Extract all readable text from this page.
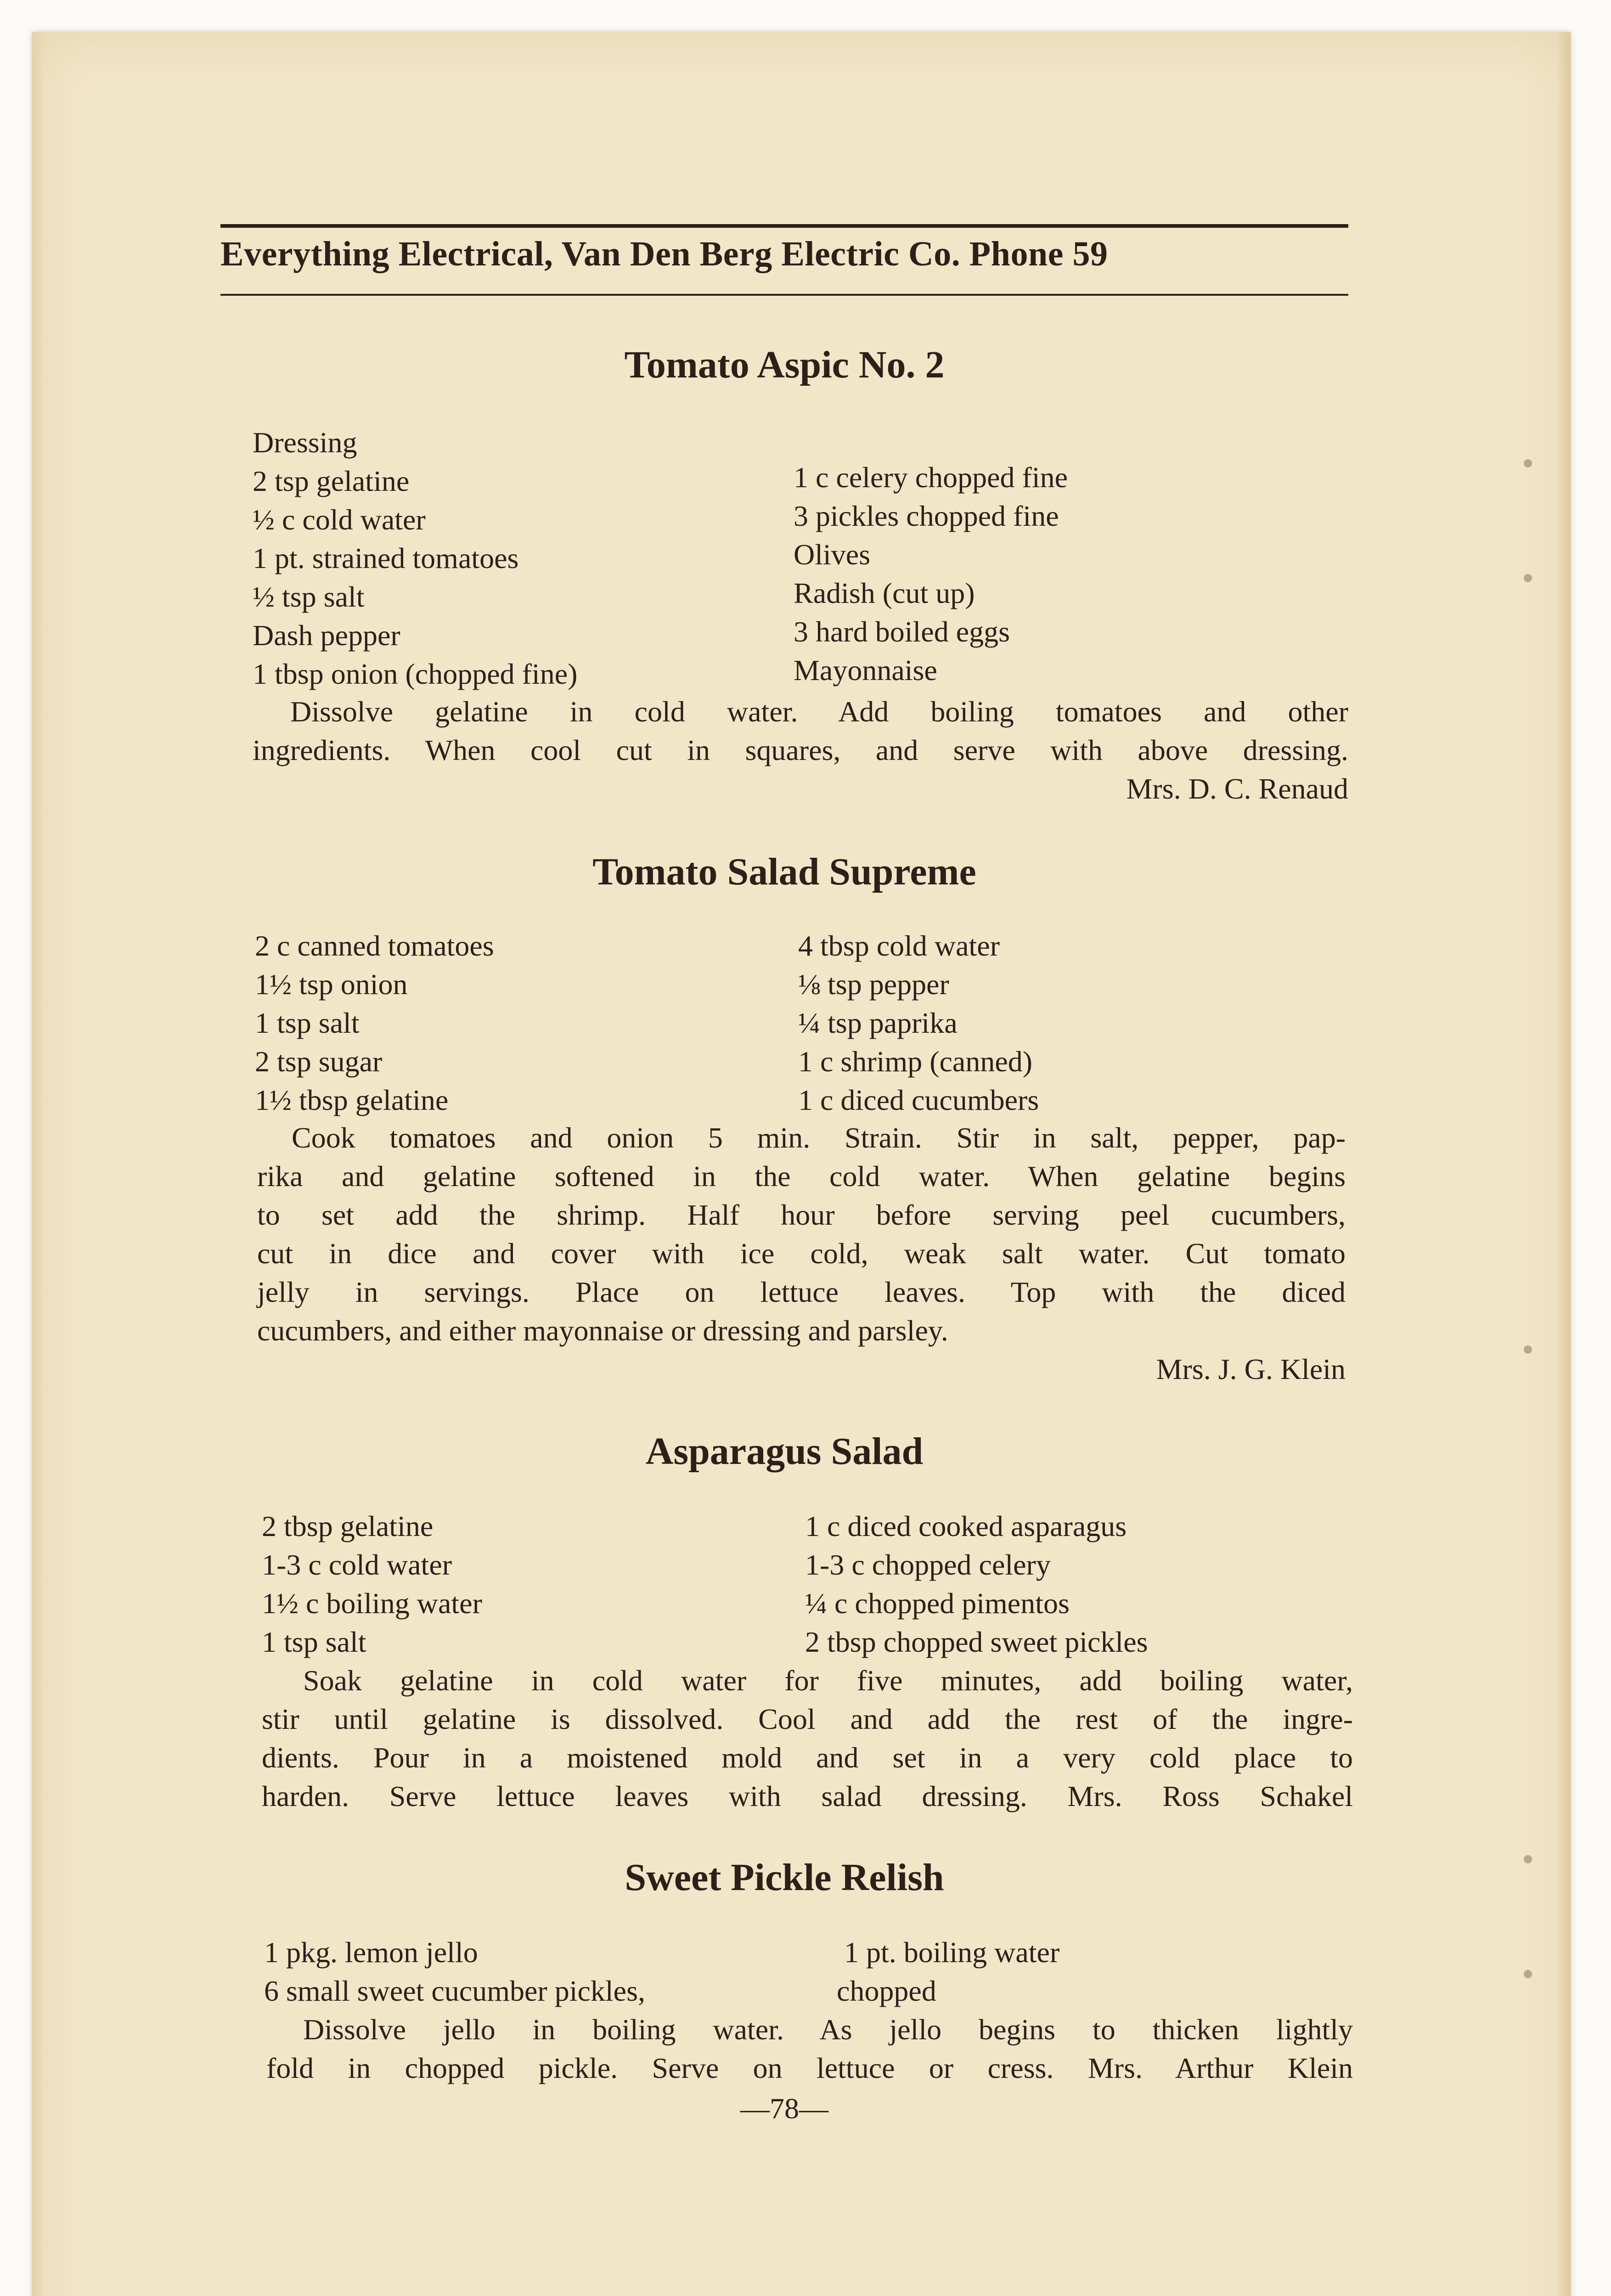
Everything Electrical, Van Den Berg Electric Co. Phone 59
Tomato Aspic No. 2
Dressing
2 tsp gelatine
½ c cold water
1 pt. strained tomatoes
½ tsp salt
Dash pepper
1 tbsp onion (chopped fine)
1 c celery chopped fine
3 pickles chopped fine
Olives
Radish (cut up)
3 hard boiled eggs
Mayonnaise
Dissolve gelatine in cold water. Add boiling tomatoes and other
ingredients. When cool cut in squares, and serve with above dressing.
Mrs. D. C. Renaud
Tomato Salad Supreme
2 c canned tomatoes
1½ tsp onion
1 tsp salt
2 tsp sugar
1½ tbsp gelatine
4 tbsp cold water
⅛ tsp pepper
¼ tsp paprika
1 c shrimp (canned)
1 c diced cucumbers
Cook tomatoes and onion 5 min. Strain. Stir in salt, pepper, pap-
rika and gelatine softened in the cold water. When gelatine begins
to set add the shrimp. Half hour before serving peel cucumbers,
cut in dice and cover with ice cold, weak salt water. Cut tomato
jelly in servings. Place on lettuce leaves. Top with the diced
cucumbers, and either mayonnaise or dressing and parsley.
Mrs. J. G. Klein
Asparagus Salad
2 tbsp gelatine
1-3 c cold water
1½ c boiling water
1 tsp salt
1 c diced cooked asparagus
1-3 c chopped celery
¼ c chopped pimentos
2 tbsp chopped sweet pickles
Soak gelatine in cold water for five minutes, add boiling water,
stir until gelatine is dissolved. Cool and add the rest of the ingre-
dients. Pour in a moistened mold and set in a very cold place to
harden. Serve lettuce leaves with salad dressing. Mrs. Ross Schakel
Sweet Pickle Relish
1 pkg. lemon jello
6 small sweet cucumber pickles,
1 pt. boiling water
chopped
Dissolve jello in boiling water. As jello begins to thicken lightly
fold in chopped pickle. Serve on lettuce or cress. Mrs. Arthur Klein
—78—
